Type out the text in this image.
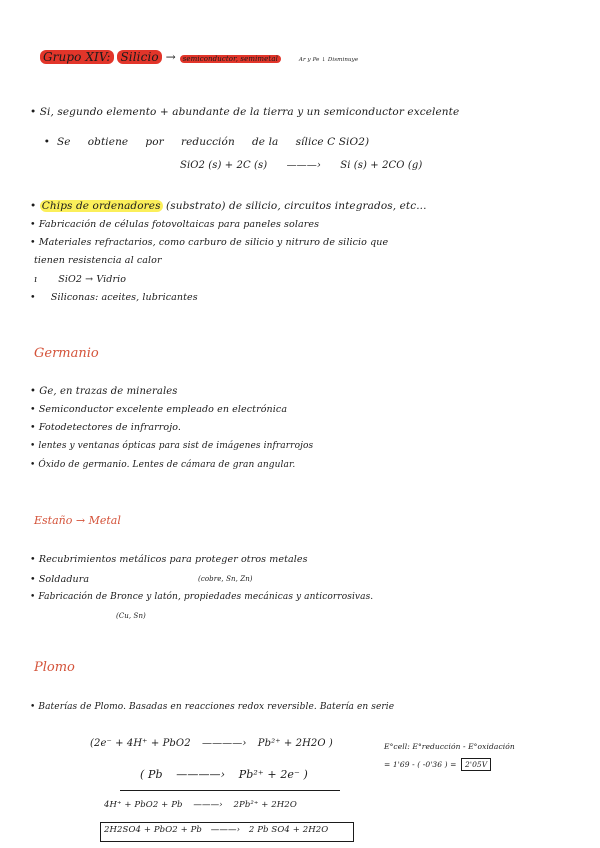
Grupo XIV: Silicio → semiconductor, semimetal	Ar y Pe ↓ Disminuye
• Si, segundo elemento + abundante de la tierra y un semiconductor excelente

•  Se     obtiene     por     reducción     de la     sílice C SiO2)

SiO2 (s) + 2C (s) ———› Si (s) + 2CO (g)
• Chips de ordenadores (substrato) de silicio, circuitos integrados, etc...
• Fabricación de células fotovoltaicas para paneles solares
• Materiales refractarios, como carburo de silicio y nitruro de silicio que
tienen resistencia al calor
ı SiO2 → Vidrio
• Siliconas: aceites, lubricantes
Germanio
• Ge, en trazas de minerales
• Semiconductor excelente empleado en electrónica
• Fotodetectores de infrarrojo.
• lentes y ventanas ópticas para sist de imágenes infrarrojos
• Óxido de germanio. Lentes de cámara de gran angular.
Estaño → Metal
• Recubrimientos metálicos para proteger otros metales
(cobre, Sn, Zn)
• Soldadura
• Fabricación de Bronce y latón, propiedades mecánicas y anticorrosivas.
(Cu, Sn)
Plomo
• Baterías de Plomo. Basadas en reacciones redox reversible. Batería en serie
(2e⁻ + 4H⁺ + PbO2 ————› Pb²⁺ + 2H2O )
( Pb ————› Pb²⁺ + 2e⁻ )
4H⁺ + PbO2 + Pb ———› 2Pb²⁺ + 2H2O
2H2SO4 + PbO2 + Pb ———› 2 Pb SO4 + 2H2O
E°cell: E°reducción - E°oxidación
= 1'69 - ( -0'36 ) = 2'05V
